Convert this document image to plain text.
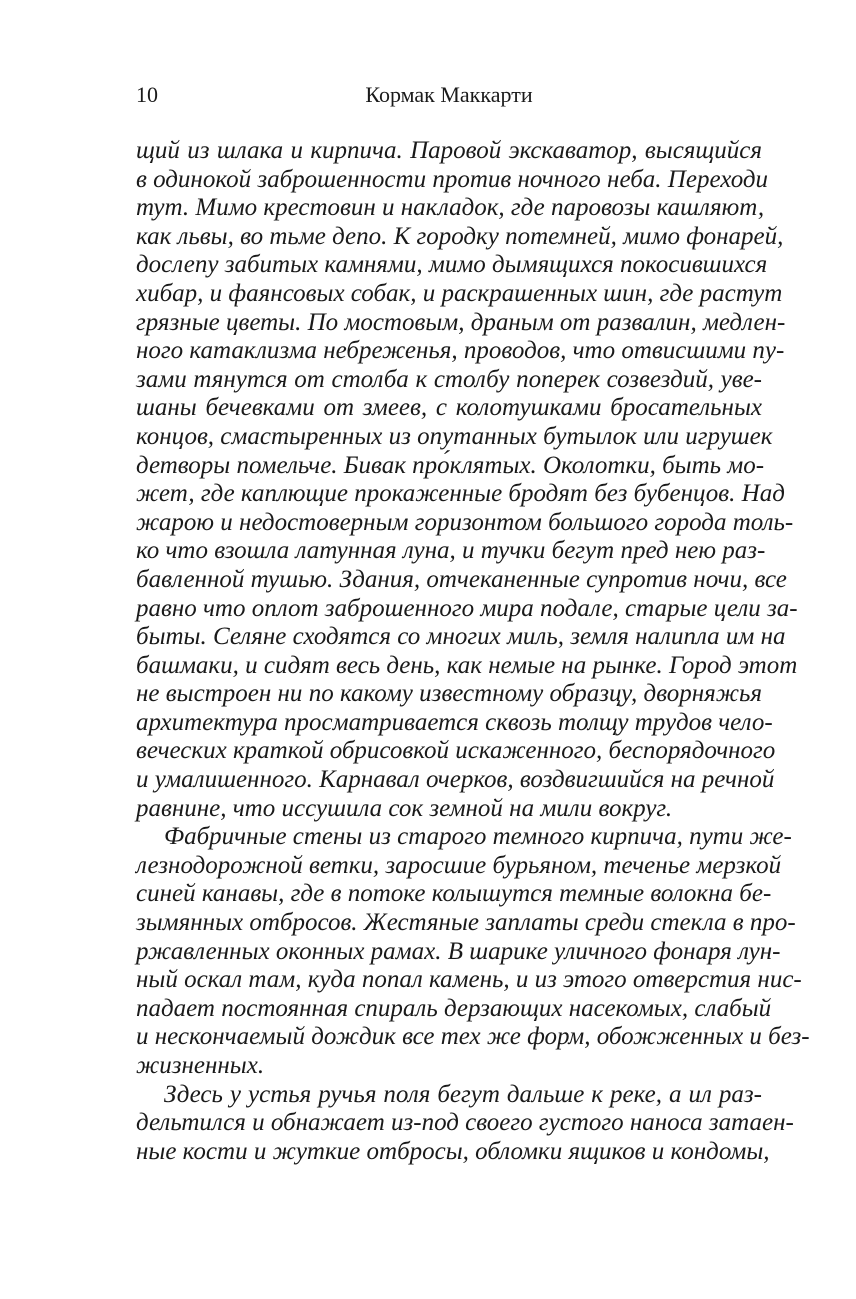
10	Кормак Маккарти
щий из шлака и кирпича. Паровой экскаватор, высящийся
в одинокой заброшенности против ночного неба. Переходи
тут. Мимо крестовин и накладок, где паровозы кашляют,
как львы, во тьме депо. К городку потемней, мимо фонарей,
дослепу забитых камнями, мимо дымящихся покосившихся
хибар, и фаянсовых собак, и раскрашенных шин, где растут
грязные цветы. По мостовым, драным от развалин, медлен-
ного катаклизма небреженья, проводов, что отвисшими пу-
зами тянутся от столба к столбу поперек созвездий, уве-
шаны бечевками от змеев, с колотушками бросательных
концов, смастыренных из опутанных бутылок или игрушек
детворы помельче. Бивак про́клятых. Околотки, быть мо-
жет, где каплющие прокаженные бродят без бубенцов. Над
жарою и недостоверным горизонтом большого города толь-
ко что взошла латунная луна, и тучки бегут пред нею раз-
бавленной тушью. Здания, отчеканенные супротив ночи, все
равно что оплот заброшенного мира подале, старые цели за-
быты. Селяне сходятся со многих миль, земля налипла им на
башмаки, и сидят весь день, как немые на рынке. Город этот
не выстроен ни по какому известному образцу, дворняжья
архитектура просматривается сквозь толщу трудов чело-
веческих краткой обрисовкой искаженного, беспорядочного
и умалишенного. Карнавал очерков, воздвигшийся на речной
равнине, что иссушила сок земной на мили вокруг.
Фабричные стены из старого темного кирпича, пути же-
лезнодорожной ветки, заросшие бурьяном, теченье мерзкой
синей канавы, где в потоке колышутся темные волокна бе-
зымянных отбросов. Жестяные заплаты среди стекла в про-
ржавленных оконных рамах. В шарике уличного фонаря лун-
ный оскал там, куда попал камень, и из этого отверстия нис-
падает постоянная спираль дерзающих насекомых, слабый
и нескончаемый дождик все тех же форм, обожженных и без-
жизненных.
Здесь у устья ручья поля бегут дальше к реке, а ил раз-
дельтился и обнажает из-под своего густого наноса затаен-
ные кости и жуткие отбросы, обломки ящиков и кондомы,
